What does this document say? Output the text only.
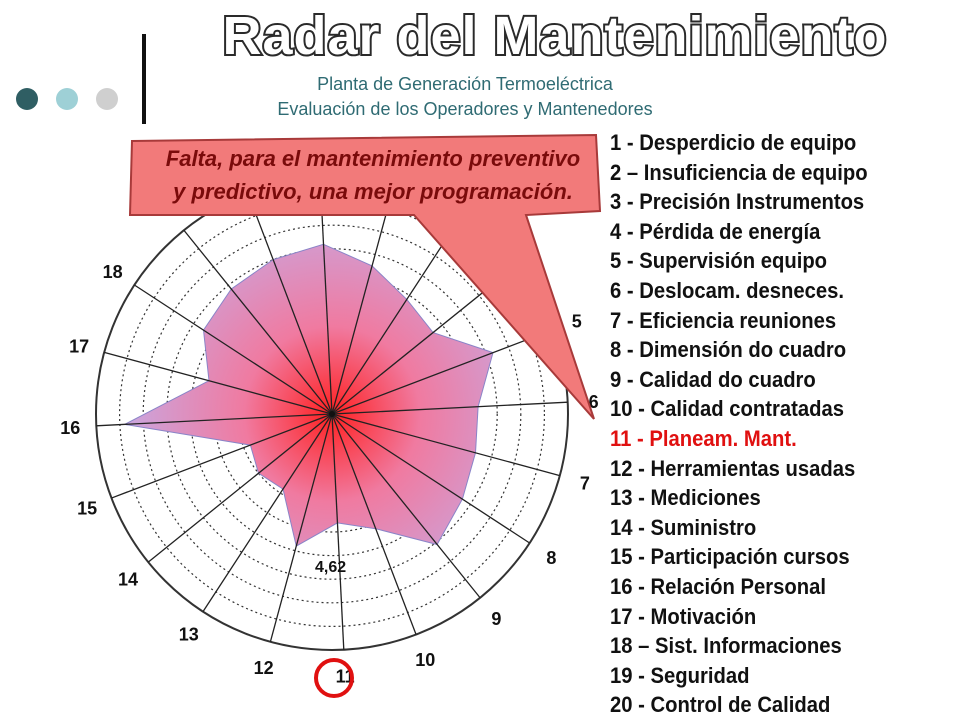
Radar del Mantenimiento
Planta de Generación Termoeléctrica
Evaluación de los Operadores y Mantenedores
5
6
7
8
9
10
11
12
13
14
15
16
17
18
4,62
Falta, para el mantenimiento preventivo
y predictivo, una mejor programación.
1 - Desperdicio de equipo
2 – Insuficiencia de equipo
3 - Precisión Instrumentos
4 - Pérdida de energía
5 - Supervisión equipo
6 - Deslocam. desneces.
7 - Eficiencia reuniones
8 - Dimensión do cuadro
9 - Calidad do cuadro
10 - Calidad contratadas
11 - Planeam. Mant.
12 - Herramientas usadas
13 - Mediciones
14 - Suministro
15 - Participación cursos
16 - Relación Personal
17 - Motivación
18 – Sist. Informaciones
19 - Seguridad
20 - Control de Calidad
